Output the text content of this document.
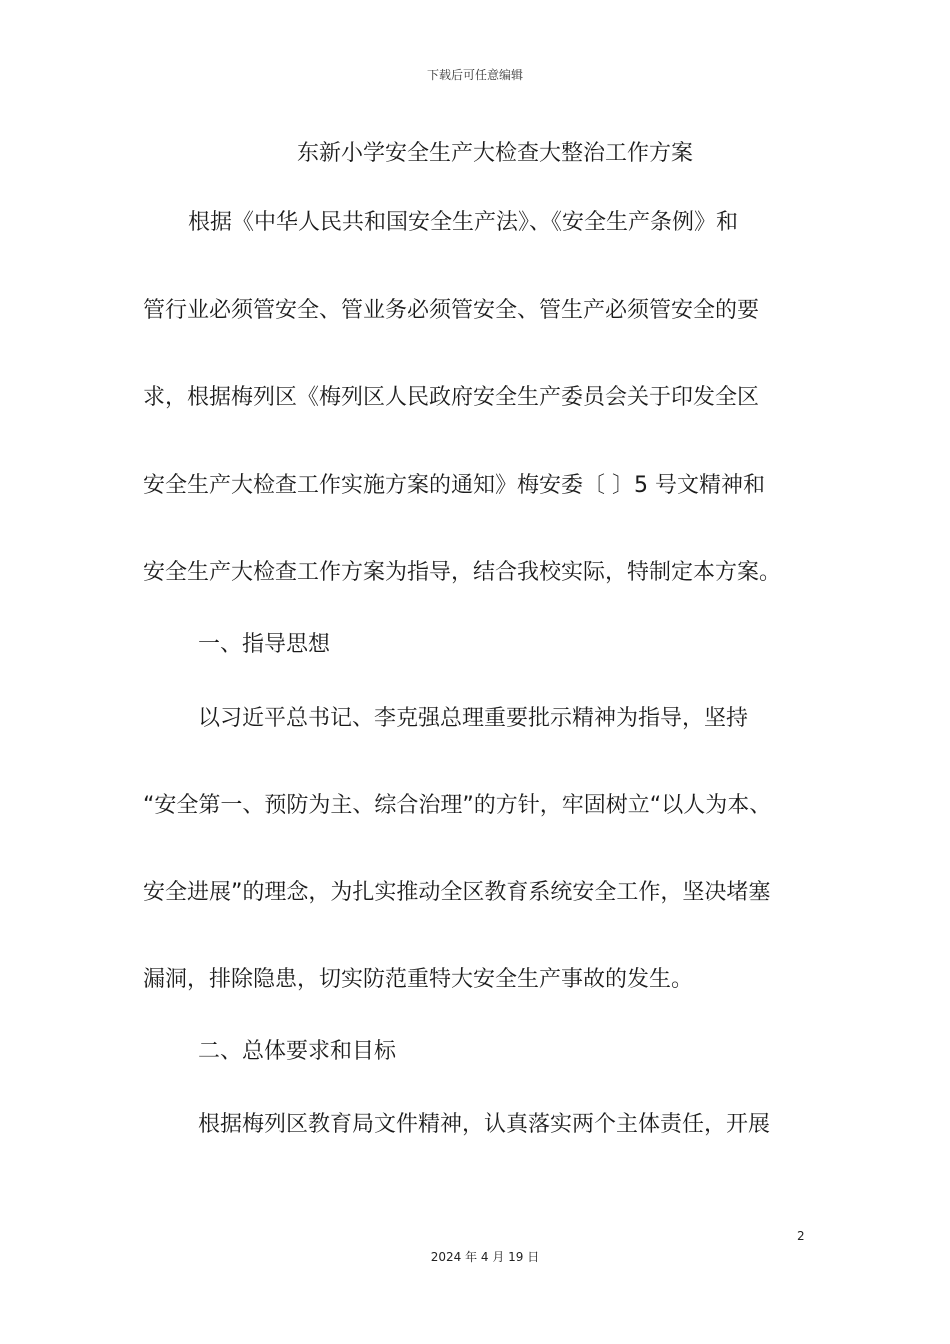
下载后可任意编辑
东新小学安全生产大检查大整治工作方案
根据《中华人民共和国安全生产法》、《安全生产条例》和
管行业必须管安全、管业务必须管安全、管生产必须管安全的要
求，根据梅列区《梅列区人民政府安全生产委员会关于印发全区
安全生产大检查工作实施方案的通知》梅安委〔 〕5 号文精神和
安全生产大检查工作方案为指导，结合我校实际，特制定本方案。
一、指导思想
以习近平总书记、李克强总理重要批示精神为指导，坚持
“安全第一、预防为主、综合治理”的方针，牢固树立“以人为本、
安全进展”的理念，为扎实推动全区教育系统安全工作，坚决堵塞
漏洞，排除隐患，切实防范重特大安全生产事故的发生。
二、总体要求和目标
根据梅列区教育局文件精神，认真落实两个主体责任，开展
2
2024 年 4 月 19 日
